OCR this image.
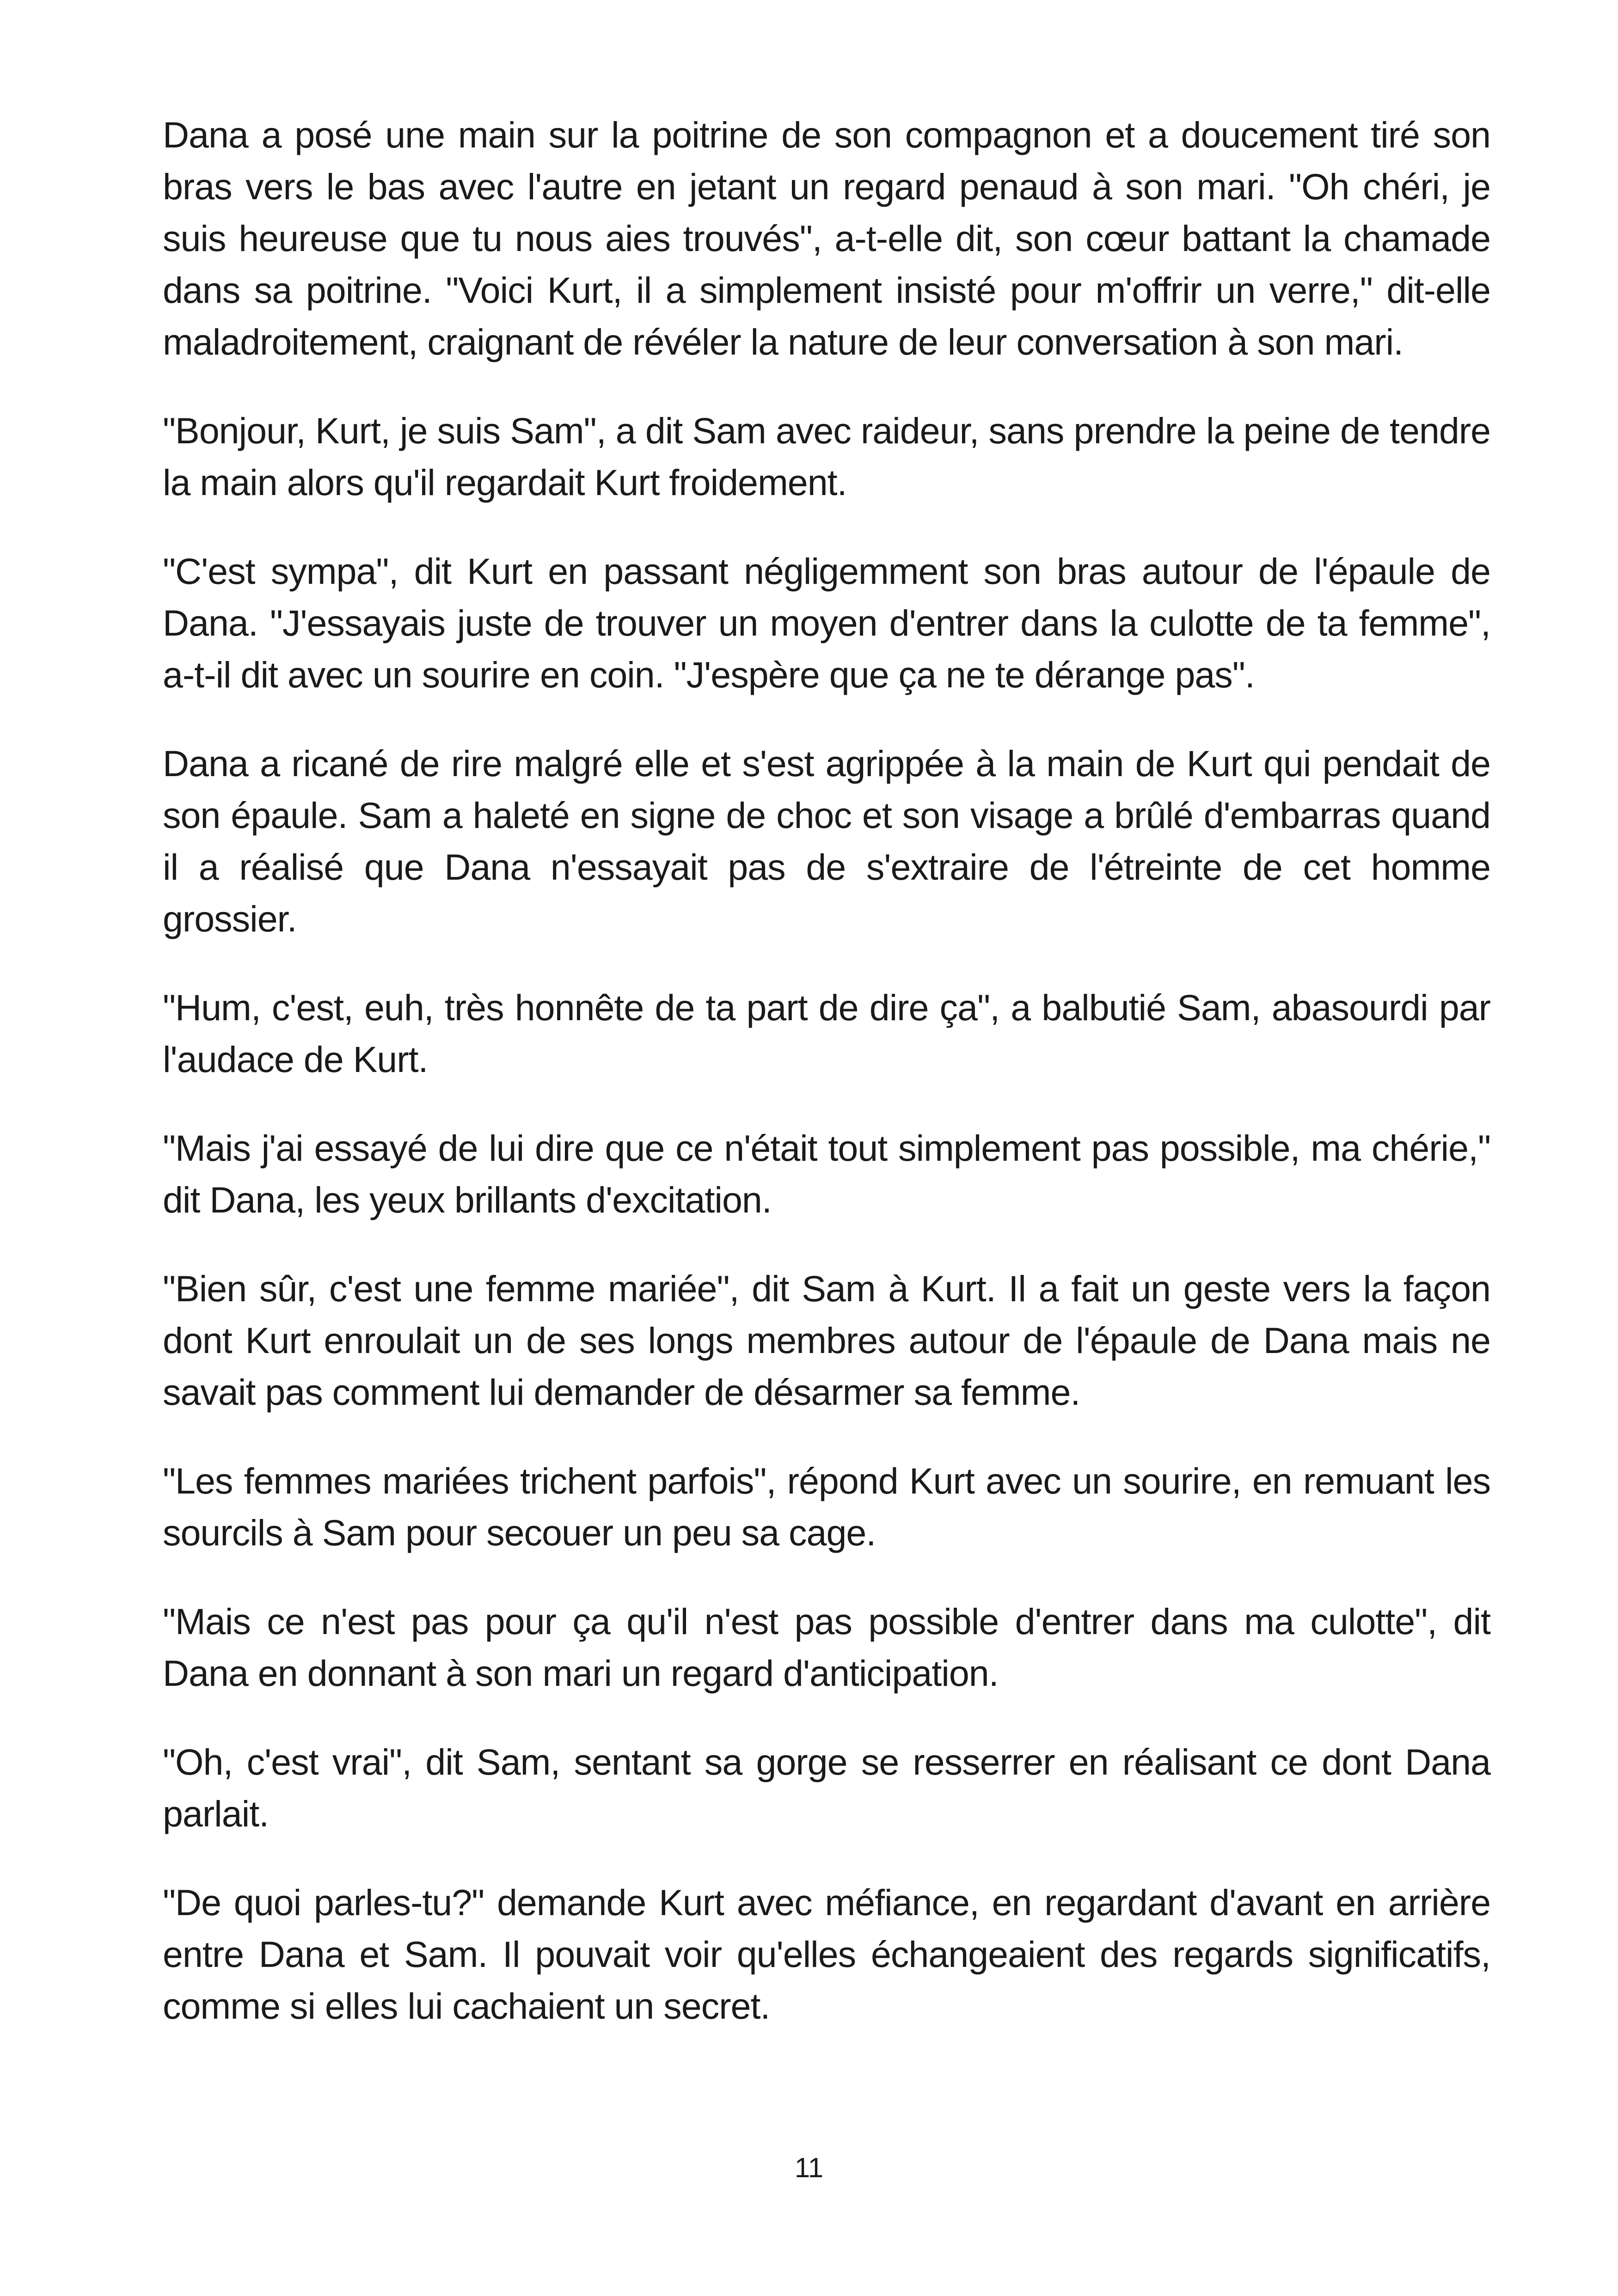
Dana a posé une main sur la poitrine de son compagnon et a doucement tiré son bras vers le bas avec l'autre en jetant un regard penaud à son mari. "Oh chéri, je suis heureuse que tu nous aies trouvés", a-t-elle dit, son cœur battant la chamade dans sa poitrine. "Voici Kurt, il a simplement insisté pour m'offrir un verre," dit-elle maladroitement, craignant de révéler la nature de leur conversation à son mari.

"Bonjour, Kurt, je suis Sam", a dit Sam avec raideur, sans prendre la peine de tendre la main alors qu'il regardait Kurt froidement.

"C'est sympa", dit Kurt en passant négligemment son bras autour de l'épaule de Dana. "J'essayais juste de trouver un moyen d'entrer dans la culotte de ta femme", a-t-il dit avec un sourire en coin. "J'espère que ça ne te dérange pas".

Dana a ricané de rire malgré elle et s'est agrippée à la main de Kurt qui pendait de son épaule. Sam a haleté en signe de choc et son visage a brûlé d'embarras quand il a réalisé que Dana n'essayait pas de s'extraire de l'étreinte de cet homme grossier.

"Hum, c'est, euh, très honnête de ta part de dire ça", a balbutié Sam, abasourdi par l'audace de Kurt.

"Mais j'ai essayé de lui dire que ce n'était tout simplement pas possible, ma chérie," dit Dana, les yeux brillants d'excitation.

"Bien sûr, c'est une femme mariée", dit Sam à Kurt. Il a fait un geste vers la façon dont Kurt enroulait un de ses longs membres autour de l'épaule de Dana mais ne savait pas comment lui demander de désarmer sa femme.

"Les femmes mariées trichent parfois", répond Kurt avec un sourire, en remuant les sourcils à Sam pour secouer un peu sa cage.

"Mais ce n'est pas pour ça qu'il n'est pas possible d'entrer dans ma culotte", dit Dana en donnant à son mari un regard d'anticipation.

"Oh, c'est vrai", dit Sam, sentant sa gorge se resserrer en réalisant ce dont Dana parlait.

"De quoi parles-tu?" demande Kurt avec méfiance, en regardant d'avant en arrière entre Dana et Sam. Il pouvait voir qu'elles échangeaient des regards significatifs, comme si elles lui cachaient un secret.

11
